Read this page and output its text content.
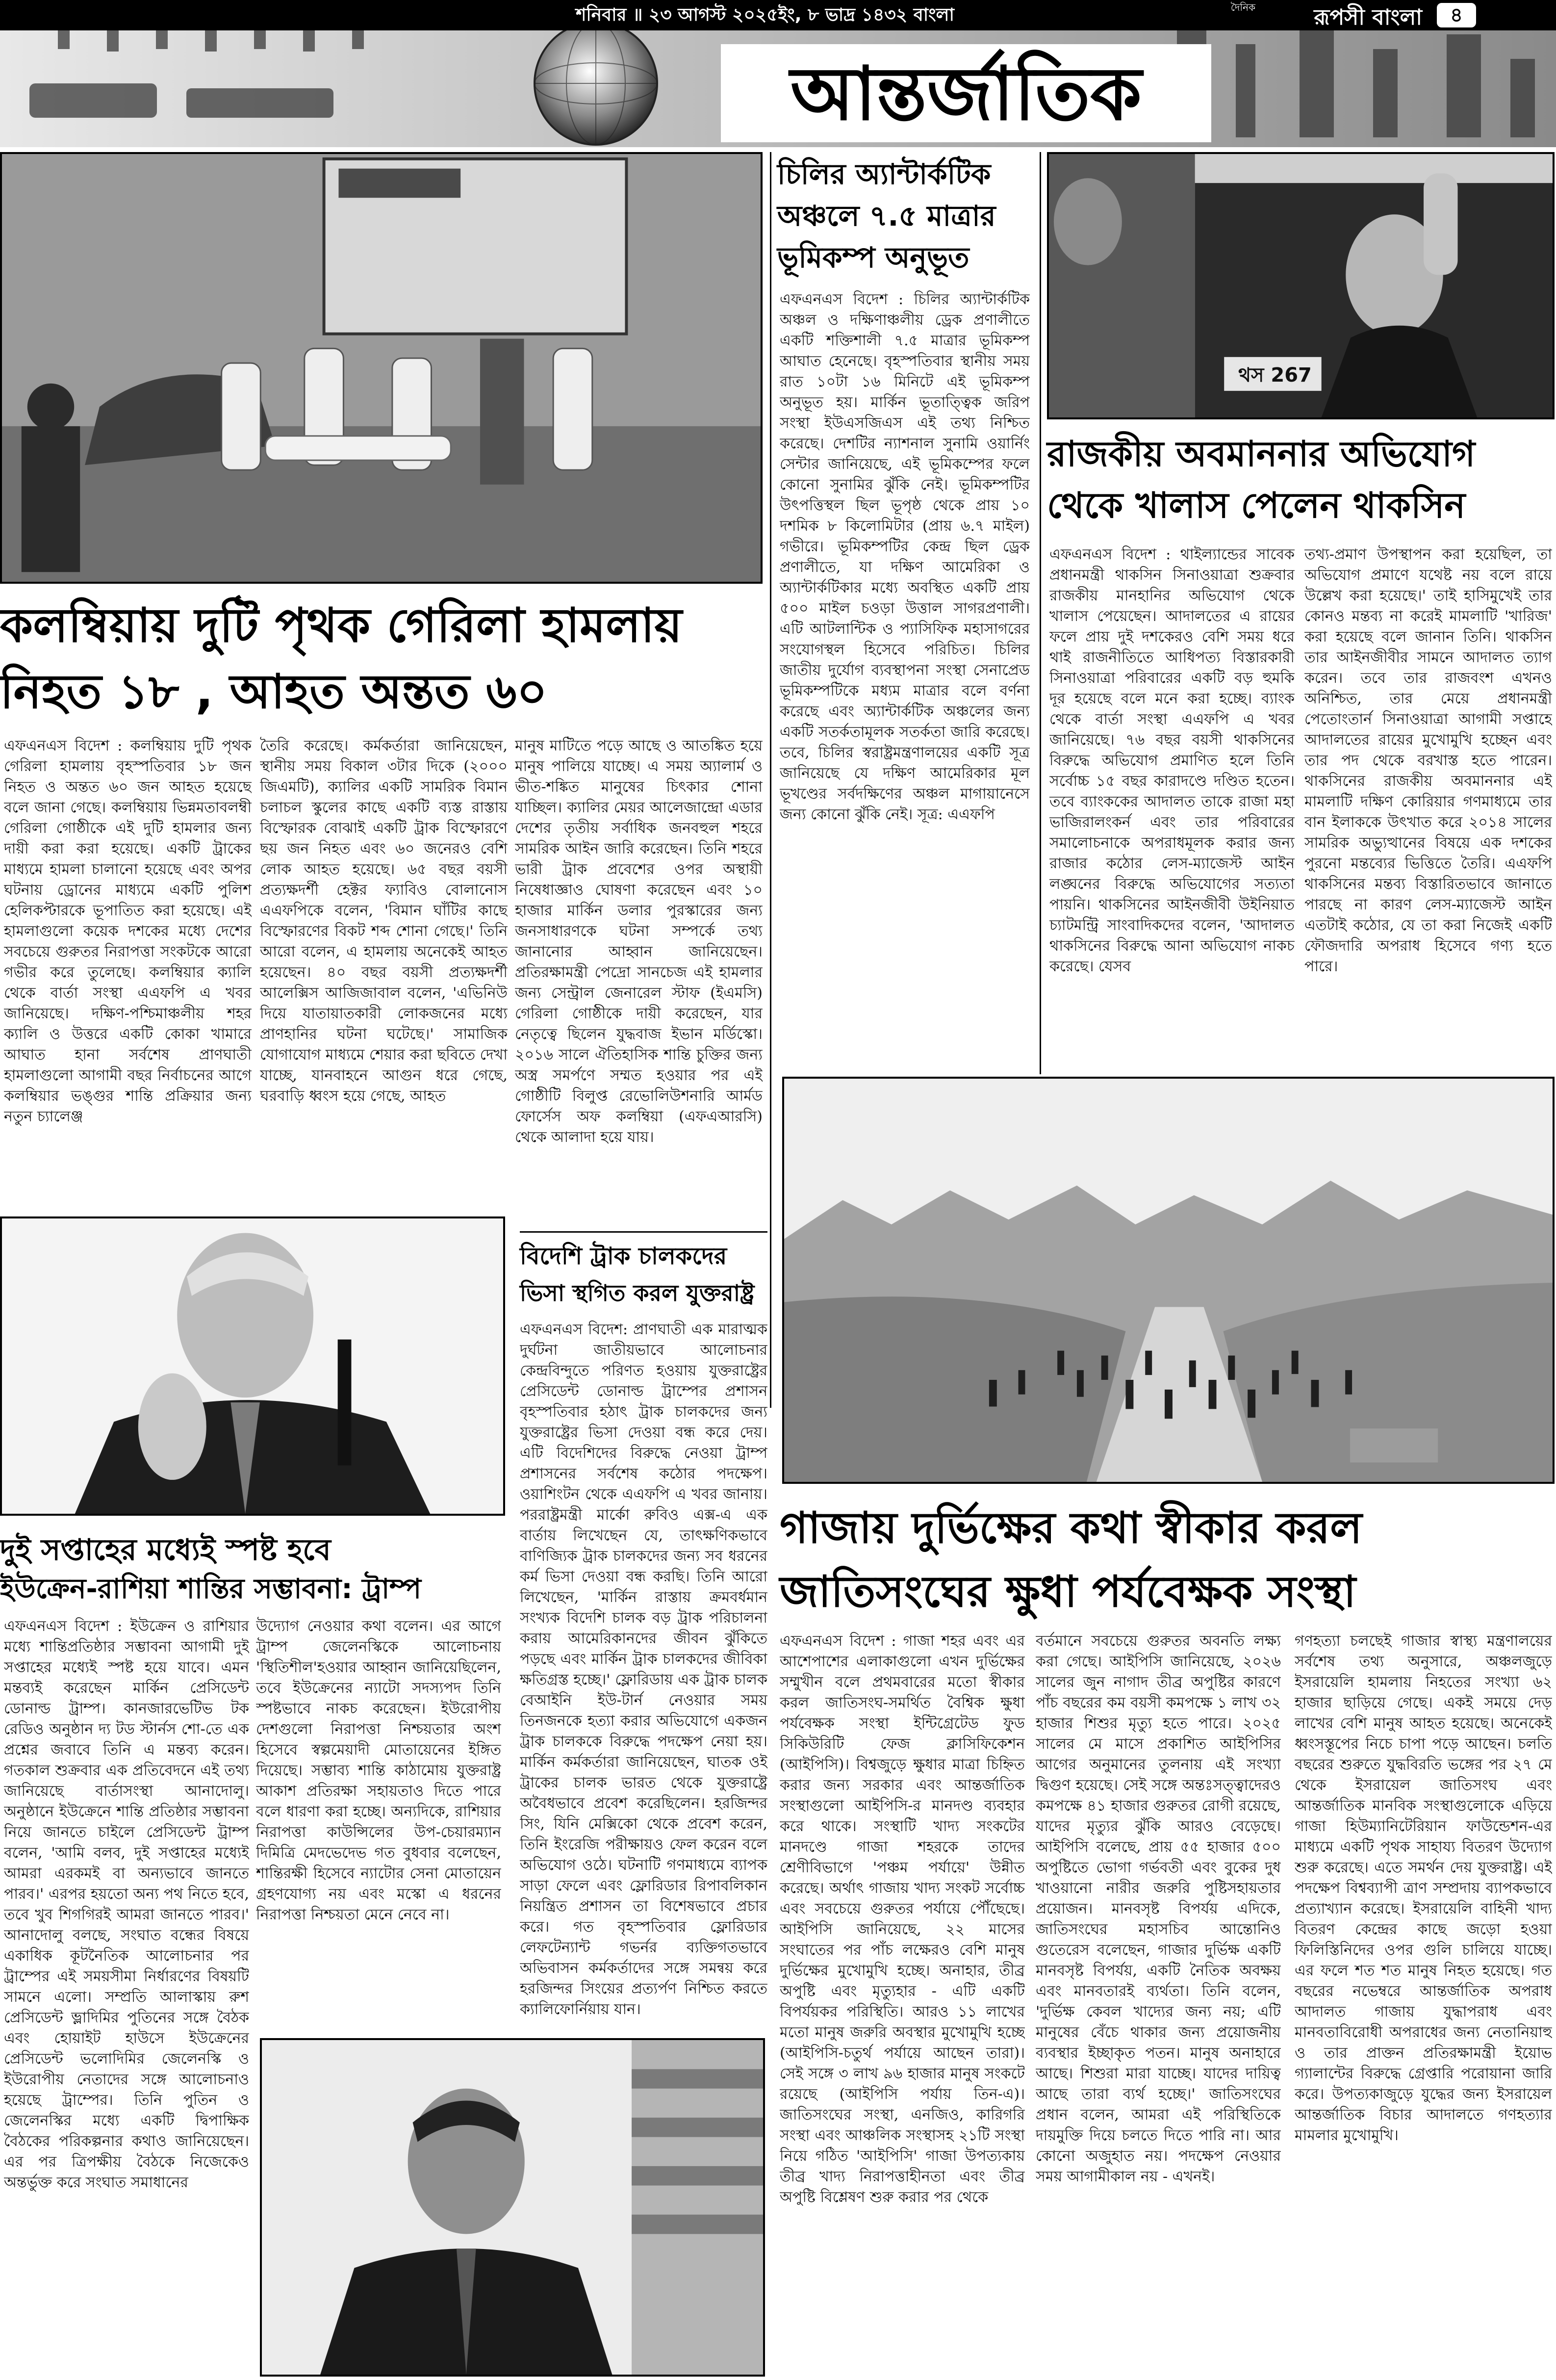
শনিবার ॥ ২৩ আগস্ট ২০২৫ইং, ৮ ভাদ্র ১৪৩২ বাংলা	দৈনিক	রূপসী বাংলা	৪
আন্তর্জাতিক
কলম্বিয়ায় দুটি পৃথক গেরিলা হামলায়
নিহত ১৮ , আহত অন্তত ৬০
এফএনএস বিদেশ : কলম্বিয়ায় দুটি পৃথক গেরিলা হামলায় বৃহস্পতিবার ১৮ জন নিহত ও অন্তত ৬০ জন আহত হয়েছে বলে জানা গেছে। কলম্বিয়ায় ভিন্নমতাবলম্বী গেরিলা গোষ্ঠীকে এই দুটি হামলার জন্য দায়ী করা করা হয়েছে। একটি ট্রাকের মাধ্যমে হামলা চালানো হয়েছে এবং অপর ঘটনায় ড্রোনের মাধ্যমে একটি পুলিশ হেলিকপ্টারকে ভূপাতিত করা হয়েছে। এই হামলাগুলো কয়েক দশকের মধ্যে দেশের সবচেয়ে গুরুতর নিরাপত্তা সংকটকে আরো গভীর করে তুলেছে। কলম্বিয়ার ক্যালি থেকে বার্তা সংস্থা এএফপি এ খবর জানিয়েছে। দক্ষিণ-পশ্চিমাঞ্চলীয় শহর ক্যালি ও উত্তরে একটি কোকা খামারে আঘাত হানা সর্বশেষ প্রাণঘাতী হামলাগুলো আগামী বছর নির্বাচনের আগে কলম্বিয়ার ভঙ্গুর শান্তি প্রক্রিয়ার জন্য নতুন চ্যালেঞ্জ
তৈরি করেছে। কর্মকর্তারা জানিয়েছেন, স্থানীয় সময় বিকাল ৩টার দিকে (২০০০ জিএমটি), ক্যালির একটি সামরিক বিমান চলাচল স্কুলের কাছে একটি ব্যস্ত রাস্তায় বিস্ফোরক বোঝাই একটি ট্রাক বিস্ফোরণে ছয় জন নিহত এবং ৬০ জনেরও বেশি লোক আহত হয়েছে। ৬৫ বছর বয়সী প্রত্যক্ষদর্শী হেক্টর ফ্যাবিও বোলানোস এএফপিকে বলেন, 'বিমান ঘাঁটির কাছে বিস্ফোরণের বিকট শব্দ শোনা গেছে।' তিনি আরো বলেন, এ হামলায় অনেকেই আহত হয়েছেন। ৪০ বছর বয়সী প্রত্যক্ষদর্শী আলেক্সিস আজিজাবাল বলেন, 'এভিনিউ দিয়ে যাতায়াতকারী লোকজনের মধ্যে প্রাণহানির ঘটনা ঘটেছে।' সামাজিক যোগাযোগ মাধ্যমে শেয়ার করা ছবিতে দেখা যাচ্ছে, যানবাহনে আগুন ধরে গেছে, ঘরবাড়ি ধ্বংস হয়ে গেছে, আহত
মানুষ মাটিতে পড়ে আছে ও আতঙ্কিত হয়ে মানুষ পালিয়ে যাচ্ছে। এ সময় অ্যালার্ম ও ভীত-শঙ্কিত মানুষের চিৎকার শোনা যাচ্ছিল। ক্যালির মেয়র আলেজান্দ্রো এডার দেশের তৃতীয় সর্বাধিক জনবহুল শহরে সামরিক আইন জারি করেছেন। তিনি শহরে ভারী ট্রাক প্রবেশের ওপর অস্থায়ী নিষেধাজ্ঞাও ঘোষণা করেছেন এবং ১০ হাজার মার্কিন ডলার পুরস্কারের জন্য জনসাধারণকে ঘটনা সম্পর্কে তথ্য জানানোর আহ্বান জানিয়েছেন। প্রতিরক্ষামন্ত্রী পেদ্রো সানচেজ এই হামলার জন্য সেন্ট্রাল জেনারেল স্টাফ (ইএমসি) গেরিলা গোষ্ঠীকে দায়ী করেছেন, যার নেতৃত্বে ছিলেন যুদ্ধবাজ ইভান মর্ডিস্কো। ২০১৬ সালে ঐতিহাসিক শান্তি চুক্তির জন্য অস্ত্র সমর্পণে সম্মত হওয়ার পর এই গোষ্ঠীটি বিলুপ্ত রেভোলিউশনারি আর্মড ফোর্সেস অফ কলম্বিয়া (এফএআরসি) থেকে আলাদা হয়ে যায়।
দুই সপ্তাহের মধ্যেই স্পষ্ট হবে
ইউক্রেন-রাশিয়া শান্তির সম্ভাবনা: ট্রাম্প
এফএনএস বিদেশ : ইউক্রেন ও রাশিয়ার মধ্যে শান্তিপ্রতিষ্ঠার সম্ভাবনা আগামী দুই সপ্তাহের মধ্যেই স্পষ্ট হয়ে যাবে। এমন মন্তব্যই করেছেন মার্কিন প্রেসিডেন্ট ডোনাল্ড ট্রাম্প। কানজারভেটিভ টক রেডিও অনুষ্ঠান দ্য টড স্টার্নস শো-তে এক প্রশ্নের জবাবে তিনি এ মন্তব্য করেন। গতকাল শুক্রবার এক প্রতিবেদনে এই তথ্য জানিয়েছে বার্তাসংস্থা আনাদোলু। অনুষ্ঠানে ইউক্রেনে শান্তি প্রতিষ্ঠার সম্ভাবনা নিয়ে জানতে চাইলে প্রেসিডেন্ট ট্রাম্প বলেন, 'আমি বলব, দুই সপ্তাহের মধ্যেই আমরা এরকমই বা অন্যভাবে জানতে পারব।' এরপর হয়তো অন্য পথ নিতে হবে, তবে খুব শিগগিরই আমরা জানতে পারব।' আনাদোলু বলছে, সংঘাত বন্ধের বিষয়ে একাধিক কূটনৈতিক আলোচনার পর ট্রাম্পের এই সময়সীমা নির্ধারণের বিষয়টি সামনে এলো। সম্প্রতি আলাস্কায় রুশ প্রেসিডেন্ট ভ্লাদিমির পুতিনের সঙ্গে বৈঠক এবং হোয়াইট হাউসে ইউক্রেনের প্রেসিডেন্ট ভলোদিমির জেলেনস্কি ও ইউরোপীয় নেতাদের সঙ্গে আলোচনাও হয়েছে ট্রাম্পের। তিনি পুতিন ও জেলেনস্কির মধ্যে একটি দ্বিপাক্ষিক বৈঠকের পরিকল্পনার কথাও জানিয়েছেন। এর পর ত্রিপক্ষীয় বৈঠকে নিজেকেও অন্তর্ভুক্ত করে সংঘাত সমাধানের
উদ্যোগ নেওয়ার কথা বলেন। এর আগে ট্রাম্প জেলেনস্কিকে আলোচনায় 'স্থিতিশীল'হওয়ার আহ্বান জানিয়েছিলেন, তবে ইউক্রেনের ন্যাটো সদস্যপদ তিনি স্পষ্টভাবে নাকচ করেছেন। ইউরোপীয় দেশগুলো নিরাপত্তা নিশ্চয়তার অংশ হিসেবে স্বল্পমেয়াদী মোতায়েনের ইঙ্গিত দিয়েছে। সম্ভাব্য শান্তি কাঠামোয় যুক্তরাষ্ট্র আকাশ প্রতিরক্ষা সহায়তাও দিতে পারে বলে ধারণা করা হচ্ছে। অন্যদিকে, রাশিয়ার নিরাপত্তা কাউন্সিলের উপ-চেয়ারম্যান দিমিত্রি মেদভেদেভ গত বুধবার বলেছেন, শান্তিরক্ষী হিসেবে ন্যাটোর সেনা মোতায়েন গ্রহণযোগ্য নয় এবং মস্কো এ ধরনের নিরাপত্তা নিশ্চয়তা মেনে নেবে না।
চিলির অ্যান্টার্কটিক
অঞ্চলে ৭.৫ মাত্রার
ভূমিকম্প অনুভূত
এফএনএস বিদেশ : চিলির অ্যান্টার্কটিক অঞ্চল ও দক্ষিণাঞ্চলীয় ড্রেক প্রণালীতে একটি শক্তিশালী ৭.৫ মাত্রার ভূমিকম্প আঘাত হেনেছে। বৃহস্পতিবার স্থানীয় সময় রাত ১০টা ১৬ মিনিটে এই ভূমিকম্প অনুভূত হয়। মার্কিন ভূতাত্ত্বিক জরিপ সংস্থা ইউএসজিএস এই তথ্য নিশ্চিত করেছে। দেশটির ন্যাশনাল সুনামি ওয়ার্নিং সেন্টার জানিয়েছে, এই ভূমিকম্পের ফলে কোনো সুনামির ঝুঁকি নেই। ভূমিকম্পটির উৎপত্তিস্থল ছিল ভূপৃষ্ঠ থেকে প্রায় ১০ দশমিক ৮ কিলোমিটার (প্রায় ৬.৭ মাইল) গভীরে। ভূমিকম্পটির কেন্দ্র ছিল ড্রেক প্রণালীতে, যা দক্ষিণ আমেরিকা ও অ্যান্টার্কটিকার মধ্যে অবস্থিত একটি প্রায় ৫০০ মাইল চওড়া উত্তাল সাগরপ্রণালী। এটি আটলান্টিক ও প্যাসিফিক মহাসাগরের সংযোগস্থল হিসেবে পরিচিত। চিলির জাতীয় দুর্যোগ ব্যবস্থাপনা সংস্থা সেনাপ্রেড ভূমিকম্পটিকে মধ্যম মাত্রার বলে বর্ণনা করেছে এবং অ্যান্টার্কটিক অঞ্চলের জন্য একটি সতর্কতামূলক সতর্কতা জারি করেছে। তবে, চিলির স্বরাষ্ট্রমন্ত্রণালয়ের একটি সূত্র জানিয়েছে যে দক্ষিণ আমেরিকার মূল ভূখণ্ডের সর্বদক্ষিণের অঞ্চল মাগায়ানেসে জন্য কোনো ঝুঁকি নেই। সূত্র: এএফপি
থস 267
রাজকীয় অবমাননার অভিযোগ
থেকে খালাস পেলেন থাকসিন
এফএনএস বিদেশ : থাইল্যান্ডের সাবেক প্রধানমন্ত্রী থাকসিন সিনাওয়াত্রা শুক্রবার রাজকীয় মানহানির অভিযোগ থেকে খালাস পেয়েছেন। আদালতের এ রায়ের ফলে প্রায় দুই দশকেরও বেশি সময় ধরে থাই রাজনীতিতে আধিপত্য বিস্তারকারী সিনাওয়াত্রা পরিবারের একটি বড় হুমকি দূর হয়েছে বলে মনে করা হচ্ছে। ব্যাংক থেকে বার্তা সংস্থা এএফপি এ খবর জানিয়েছে। ৭৬ বছর বয়সী থাকসিনের বিরুদ্ধে অভিযোগ প্রমাণিত হলে তিনি সর্বোচ্চ ১৫ বছর কারাদণ্ডে দণ্ডিত হতেন। তবে ব্যাংককের আদালত তাকে রাজা মহা ভাজিরালংকর্ন এবং তার পরিবারের সমালোচনাকে অপরাধমূলক করার জন্য রাজার কঠোর লেস-ম্যাজেস্ট আইন লঙ্ঘনের বিরুদ্ধে অভিযোগের সত্যতা পায়নি। থাকসিনের আইনজীবী উইনিয়াত চ্যাটমন্ট্রি সাংবাদিকদের বলেন, 'আদালত থাকসিনের বিরুদ্ধে আনা অভিযোগ নাকচ করেছে। যেসব
তথ্য-প্রমাণ উপস্থাপন করা হয়েছিল, তা অভিযোগ প্রমাণে যথেষ্ট নয় বলে রায়ে উল্লেখ করা হয়েছে।' তাই হাসিমুখেই তার কোনও মন্তব্য না করেই মামলাটি 'খারিজ' করা হয়েছে বলে জানান তিনি। থাকসিন তার আইনজীবীর সামনে আদালত ত্যাগ করেন। তবে তার রাজবংশ এখনও অনিশ্চিত, তার মেয়ে প্রধানমন্ত্রী পেতোংতার্ন সিনাওয়াত্রা আগামী সপ্তাহে আদালতের রায়ের মুখোমুখি হচ্ছেন এবং তার পদ থেকে বরখাস্ত হতে পারেন। থাকসিনের রাজকীয় অবমাননার এই মামলাটি দক্ষিণ কোরিয়ার গণমাধ্যমে তার বান ইলাককে উৎখাত করে ২০১৪ সালের সামরিক অভ্যুত্থানের বিষয়ে এক দশকের পুরনো মন্তব্যের ভিত্তিতে তৈরি। এএফপি থাকসিনের মন্তব্য বিস্তারিতভাবে জানাতে পারছে না কারণ লেস-ম্যাজেস্ট আইন এতটাই কঠোর, যে তা করা নিজেই একটি ফৌজদারি অপরাধ হিসেবে গণ্য হতে পারে।
গাজায় দুর্ভিক্ষের কথা স্বীকার করল
জাতিসংঘের ক্ষুধা পর্যবেক্ষক সংস্থা
এফএনএস বিদেশ : গাজা শহর এবং এর আশেপাশের এলাকাগুলো এখন দুর্ভিক্ষের সম্মুখীন বলে প্রথমবারের মতো স্বীকার করল জাতিসংঘ-সমর্থিত বৈশ্বিক ক্ষুধা পর্যবেক্ষক সংস্থা ইন্টিগ্রেটেড ফুড সিকিউরিটি ফেজ ক্লাসিফিকেশন (আইপিসি)। বিশ্বজুড়ে ক্ষুধার মাত্রা চিহ্নিত করার জন্য সরকার এবং আন্তর্জাতিক সংস্থাগুলো আইপিসি-র মানদণ্ড ব্যবহার করে থাকে। সংস্থাটি খাদ্য সংকটের মানদণ্ডে গাজা শহরকে তাদের শ্রেণীবিভাগে 'পঞ্চম পর্যায়ে' উন্নীত করেছে। অর্থাৎ গাজায় খাদ্য সংকট সর্বোচ্চ এবং সবচেয়ে গুরুতর পর্যায়ে পৌঁছেছে। আইপিসি জানিয়েছে, ২২ মাসের সংঘাতের পর পাঁচ লক্ষেরও বেশি মানুষ দুর্ভিক্ষের মুখোমুখি হচ্ছে। অনাহার, তীব্র অপুষ্টি এবং মৃত্যুহার - এটি একটি বিপর্যয়কর পরিস্থিতি। আরও ১১ লাখের মতো মানুষ জরুরি অবস্থার মুখোমুখি হচ্ছে (আইপিসি-চতুর্থ পর্যায়ে আছেন তারা)। সেই সঙ্গে ৩ লাখ ৯৬ হাজার মানুষ সংকটে রয়েছে (আইপিসি পর্যায় তিন-এ)। জাতিসংঘের সংস্থা, এনজিও, কারিগরি সংস্থা এবং আঞ্চলিক সংস্থাসহ ২১টি সংস্থা নিয়ে গঠিত 'আইপিসি' গাজা উপত্যকায় তীব্র খাদ্য নিরাপত্তাহীনতা এবং তীব্র অপুষ্টি বিশ্লেষণ শুরু করার পর থেকে
বর্তমানে সবচেয়ে গুরুতর অবনতি লক্ষ্য করা গেছে। আইপিসি জানিয়েছে, ২০২৬ সালের জুন নাগাদ তীব্র অপুষ্টির কারণে পাঁচ বছরের কম বয়সী কমপক্ষে ১ লাখ ৩২ হাজার শিশুর মৃত্যু হতে পারে। ২০২৫ সালের মে মাসে প্রকাশিত আইপিসির আগের অনুমানের তুলনায় এই সংখ্যা দ্বিগুণ হয়েছে। সেই সঙ্গে অন্তঃসত্ত্বাদেরও কমপক্ষে ৪১ হাজার গুরুতর রোগী রয়েছে, যাদের মৃত্যুর ঝুঁকি আরও বেড়েছে। আইপিসি বলেছে, প্রায় ৫৫ হাজার ৫০০ অপুষ্টিতে ভোগা গর্ভবতী এবং বুকের দুধ খাওয়ানো নারীর জরুরি পুষ্টিসহায়তার প্রয়োজন। মানবসৃষ্ট বিপর্যয় এদিকে, জাতিসংঘের মহাসচিব আন্তোনিও গুতেরেস বলেছেন, গাজার দুর্ভিক্ষ একটি মানবসৃষ্ট বিপর্যয়, একটি নৈতিক অবক্ষয় এবং মানবতারই ব্যর্থতা। তিনি বলেন, 'দুর্ভিক্ষ কেবল খাদ্যের জন্য নয়; এটি মানুষের বেঁচে থাকার জন্য প্রয়োজনীয় ব্যবস্থার ইচ্ছাকৃত পতন। মানুষ অনাহারে আছে। শিশুরা মারা যাচ্ছে। যাদের দায়িত্ব আছে তারা ব্যর্থ হচ্ছে।' জাতিসংঘের প্রধান বলেন, আমরা এই পরিস্থিতিকে দায়মুক্তি দিয়ে চলতে দিতে পারি না। আর কোনো অজুহাত নয়। পদক্ষেপ নেওয়ার সময় আগামীকাল নয় - এখনই।
গণহত্যা চলছেই গাজার স্বাস্থ্য মন্ত্রণালয়ের সর্বশেষ তথ্য অনুসারে, অঞ্চলজুড়ে ইসরায়েলি হামলায় নিহতের সংখ্যা ৬২ হাজার ছাড়িয়ে গেছে। একই সময়ে দেড় লাখের বেশি মানুষ আহত হয়েছে। অনেকেই ধ্বংসস্তূপের নিচে চাপা পড়ে আছেন। চলতি বছরের শুরুতে যুদ্ধবিরতি ভঙ্গের পর ২৭ মে থেকে ইসরায়েল জাতিসংঘ এবং আন্তর্জাতিক মানবিক সংস্থাগুলোকে এড়িয়ে গাজা হিউম্যানিটেরিয়ান ফাউন্ডেশন-এর মাধ্যমে একটি পৃথক সাহায্য বিতরণ উদ্যোগ শুরু করেছে। এতে সমর্থন দেয় যুক্তরাষ্ট্র। এই পদক্ষেপ বিশ্বব্যাপী ত্রাণ সম্প্রদায় ব্যাপকভাবে প্রত্যাখ্যান করেছে। ইসরায়েলি বাহিনী খাদ্য বিতরণ কেন্দ্রের কাছে জড়ো হওয়া ফিলিস্তিনিদের ওপর গুলি চালিয়ে যাচ্ছে। এর ফলে শত শত মানুষ নিহত হয়েছে। গত বছরের নভেম্বরে আন্তর্জাতিক অপরাধ আদালত গাজায় যুদ্ধাপরাধ এবং মানবতাবিরোধী অপরাধের জন্য নেতানিয়াহু ও তার প্রাক্তন প্রতিরক্ষামন্ত্রী ইয়োভ গ্যালান্টের বিরুদ্ধে গ্রেপ্তারি পরোয়ানা জারি করে। উপত্যকাজুড়ে যুদ্ধের জন্য ইসরায়েল আন্তর্জাতিক বিচার আদালতে গণহত্যার মামলার মুখোমুখি।
বিদেশি ট্রাক চালকদের
ভিসা স্থগিত করল যুক্তরাষ্ট্র
এফএনএস বিদেশ: প্রাণঘাতী এক মারাত্মক দুর্ঘটনা জাতীয়ভাবে আলোচনার কেন্দ্রবিন্দুতে পরিণত হওয়ায় যুক্তরাষ্ট্রের প্রেসিডেন্ট ডোনাল্ড ট্রাম্পের প্রশাসন বৃহস্পতিবার হঠাৎ ট্রাক চালকদের জন্য যুক্তরাষ্ট্রের ভিসা দেওয়া বন্ধ করে দেয়। এটি বিদেশিদের বিরুদ্ধে নেওয়া ট্রাম্প প্রশাসনের সর্বশেষ কঠোর পদক্ষেপ। ওয়াশিংটন থেকে এএফপি এ খবর জানায়। পররাষ্ট্রমন্ত্রী মার্কো রুবিও এক্স-এ এক বার্তায় লিখেছেন যে, তাৎক্ষণিকভাবে বাণিজ্যিক ট্রাক চালকদের জন্য সব ধরনের কর্ম ভিসা দেওয়া বন্ধ করছি। তিনি আরো লিখেছেন, 'মার্কিন রাস্তায় ক্রমবর্ধমান সংখ্যক বিদেশি চালক বড় ট্রাক পরিচালনা করায় আমেরিকানদের জীবন ঝুঁকিতে পড়ছে এবং মার্কিন ট্রাক চালকদের জীবিকা ক্ষতিগ্রস্ত হচ্ছে।' ফ্লোরিডায় এক ট্রাক চালক বেআইনি ইউ-টার্ন নেওয়ার সময় তিনজনকে হত্যা করার অভিযোগে একজন ট্রাক চালককে বিরুদ্ধে পদক্ষেপ নেয়া হয়। মার্কিন কর্মকর্তারা জানিয়েছেন, ঘাতক ওই ট্রাকের চালক ভারত থেকে যুক্তরাষ্ট্রে অবৈধভাবে প্রবেশ করেছিলেন। হরজিন্দর সিং, যিনি মেক্সিকো থেকে প্রবেশ করেন, তিনি ইংরেজি পরীক্ষায়ও ফেল করেন বলে অভিযোগ ওঠে। ঘটনাটি গণমাধ্যমে ব্যাপক সাড়া ফেলে এবং ফ্লোরিডার রিপাবলিকান নিয়ন্ত্রিত প্রশাসন তা বিশেষভাবে প্রচার করে। গত বৃহস্পতিবার ফ্লোরিডার লেফটেন্যান্ট গভর্নর ব্যক্তিগতভাবে অভিবাসন কর্মকর্তাদের সঙ্গে সমন্বয় করে হরজিন্দর সিংয়ের প্রত্যর্পণ নিশ্চিত করতে ক্যালিফোর্নিয়ায় যান।
